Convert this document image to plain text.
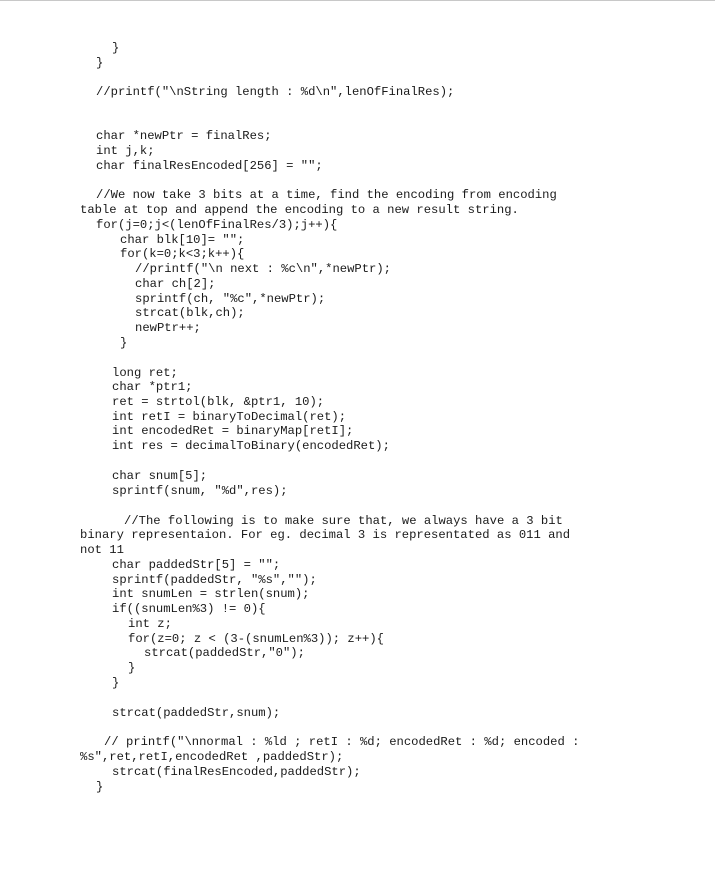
}
}
//printf("\nString length : %d\n",lenOfFinalRes);
char *newPtr = finalRes;
int j,k;
char finalResEncoded[256] = "";
//We now take 3 bits at a time, find the encoding from encoding
table at top and append the encoding to a new result string.
for(j=0;j<(lenOfFinalRes/3);j++){
char blk[10]= "";
for(k=0;k<3;k++){
//printf("\n next : %c\n",*newPtr);
char ch[2];
sprintf(ch, "%c",*newPtr);
strcat(blk,ch);
newPtr++;
}
long ret;
char *ptr1;
ret = strtol(blk, &ptr1, 10);
int retI = binaryToDecimal(ret);
int encodedRet = binaryMap[retI];
int res = decimalToBinary(encodedRet);
char snum[5];
sprintf(snum, "%d",res);
//The following is to make sure that, we always have a 3 bit
binary representaion. For eg. decimal 3 is representated as 011 and
not 11
char paddedStr[5] = "";
sprintf(paddedStr, "%s","");
int snumLen = strlen(snum);
if((snumLen%3) != 0){
int z;
for(z=0; z < (3-(snumLen%3)); z++){
strcat(paddedStr,"0");
}
}
strcat(paddedStr,snum);
// printf("\nnormal : %ld ; retI : %d; encodedRet : %d; encoded :
%s",ret,retI,encodedRet ,paddedStr);
strcat(finalResEncoded,paddedStr);
}
